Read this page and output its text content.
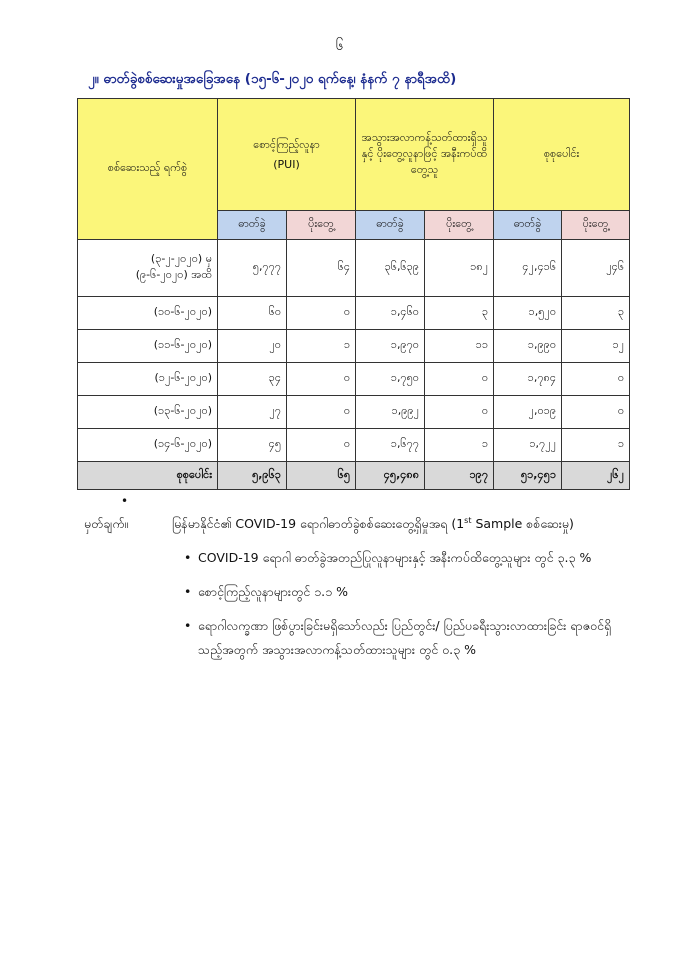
၆
၂။ ဓာတ်ခွဲစစ်ဆေးမှုအခြေအနေ (၁၅-၆-၂၀၂၀ ရက်နေ့၊ နံနက် ၇ နာရီအထိ)
စစ်ဆေးသည့် ရက်စွဲ	စောင့်ကြည့်လူနာ
(PUI)		အသွားအလာကန့်သတ်ထားရှိသူနှင့် ပိုးတွေ့လူနာဖြင့် အနီးကပ်ထိတွေ့သူ		စုစုပေါင်း	
	ဓာတ်ခွဲ	ပိုးတွေ့	ဓာတ်ခွဲ	ပိုးတွေ့	ဓာတ်ခွဲ	ပိုးတွေ့

(၃-၂-၂၀၂၀) မှ
(၉-၆-၂၀၂၀) အထိ	၅,၇၇၇	၆၄	၃၆,၆၃၉	၁၈၂	၄၂,၄၁၆	၂၄၆
(၁၀-၆-၂၀၂၀)	၆၀	၀	၁,၄၆၀	၃	၁,၅၂၀	၃
(၁၁-၆-၂၀၂၀)	၂၀	၁	၁,၉၇၀	၁၁	၁,၉၉၀	၁၂
(၁၂-၆-၂၀၂၀)	၃၄	၀	၁,၇၅၀	၀	၁,၇၈၄	၀
(၁၃-၆-၂၀၂၀)	၂၇	၀	၁,၉၉၂	၀	၂,၀၁၉	၀
(၁၄-၆-၂၀၂၀)	၄၅	၀	၁,၆၇၇	၁	၁,၇၂၂	၁
စုစုပေါင်း	၅,၉၆၃	၆၅	၄၅,၄၈၈	၁၉၇	၅၁,၄၅၁	၂၆၂
•
မှတ်ချက်။	မြန်မာနိုင်ငံ၏ COVID-19 ရောဂါဓာတ်ခွဲစစ်ဆေးတွေ့ရှိမှုအရ (1st Sample စစ်ဆေးမှု)
• COVID-19 ရောဂါ ဓာတ်ခွဲအတည်ပြုလူနာများနှင့် အနီးကပ်ထိတွေ့သူများ တွင် ၃.၃ %
• စောင့်ကြည့်လူနာများတွင် ၁.၁ %
• ရောဂါလက္ခဏာ ဖြစ်ပွားခြင်းမရှိသော်လည်း ပြည်တွင်း/ ပြည်ပခရီးသွားလာထားခြင်း ရာဇဝင်ရှိသည့်အတွက် အသွားအလာကန့်သတ်ထားသူများ တွင် ၀.၃ %
